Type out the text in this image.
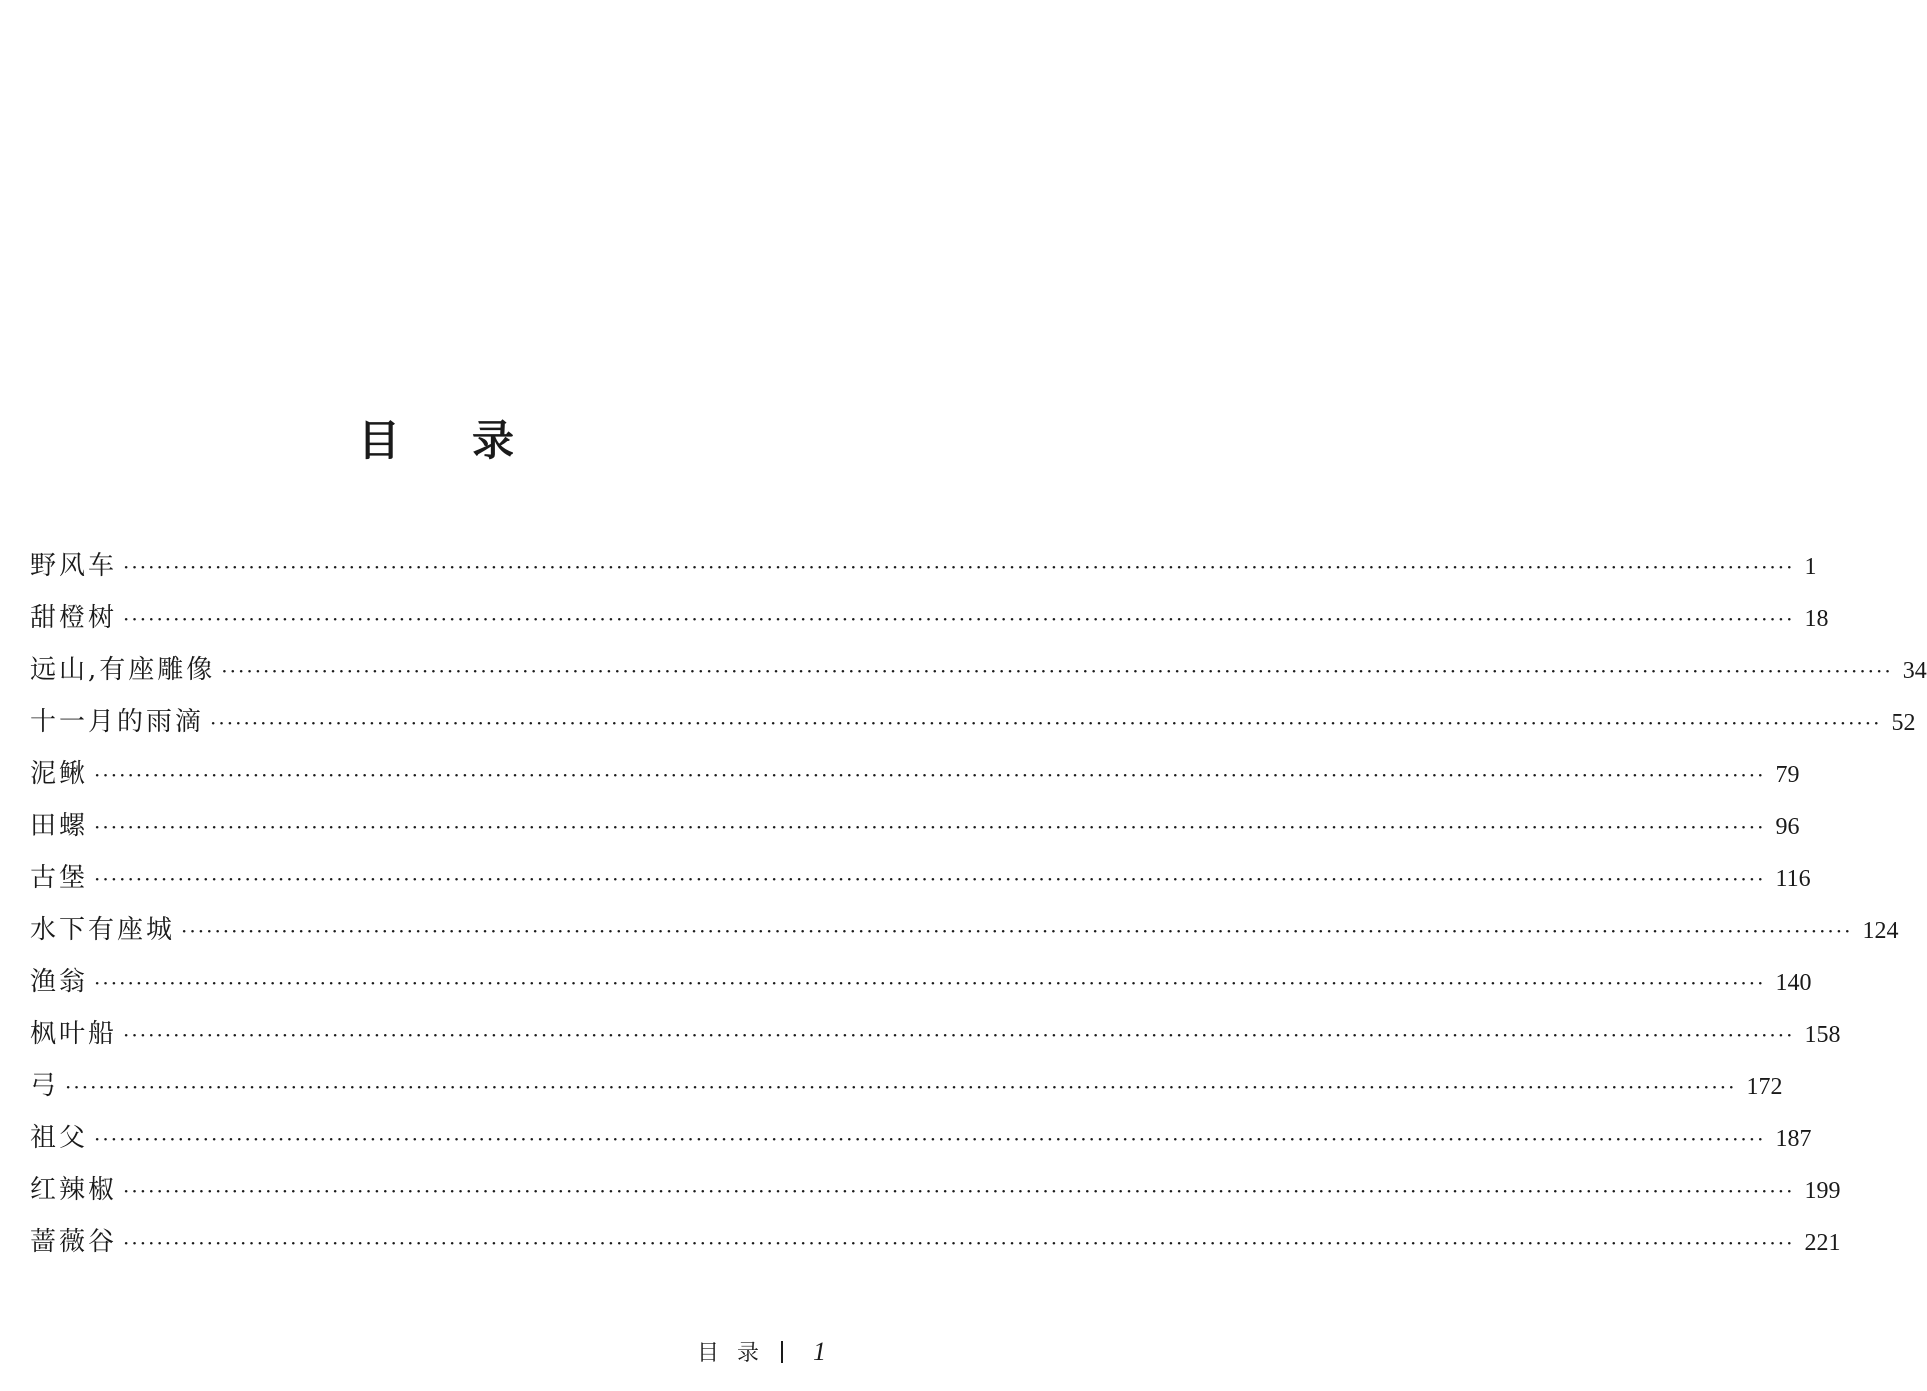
目 录
野风车 ········································································································································································································ 1
甜橙树 ········································································································································································································ 18
远山,有座雕像 ········································································································································································································ 34
十一月的雨滴 ········································································································································································································ 52
泥鳅 ········································································································································································································ 79
田螺 ········································································································································································································ 96
古堡 ········································································································································································································ 116
水下有座城 ········································································································································································································ 124
渔翁 ········································································································································································································ 140
枫叶船 ········································································································································································································ 158
弓 ········································································································································································································ 172
祖父 ········································································································································································································ 187
红辣椒 ········································································································································································································ 199
蔷薇谷 ········································································································································································································ 221
目录 1
